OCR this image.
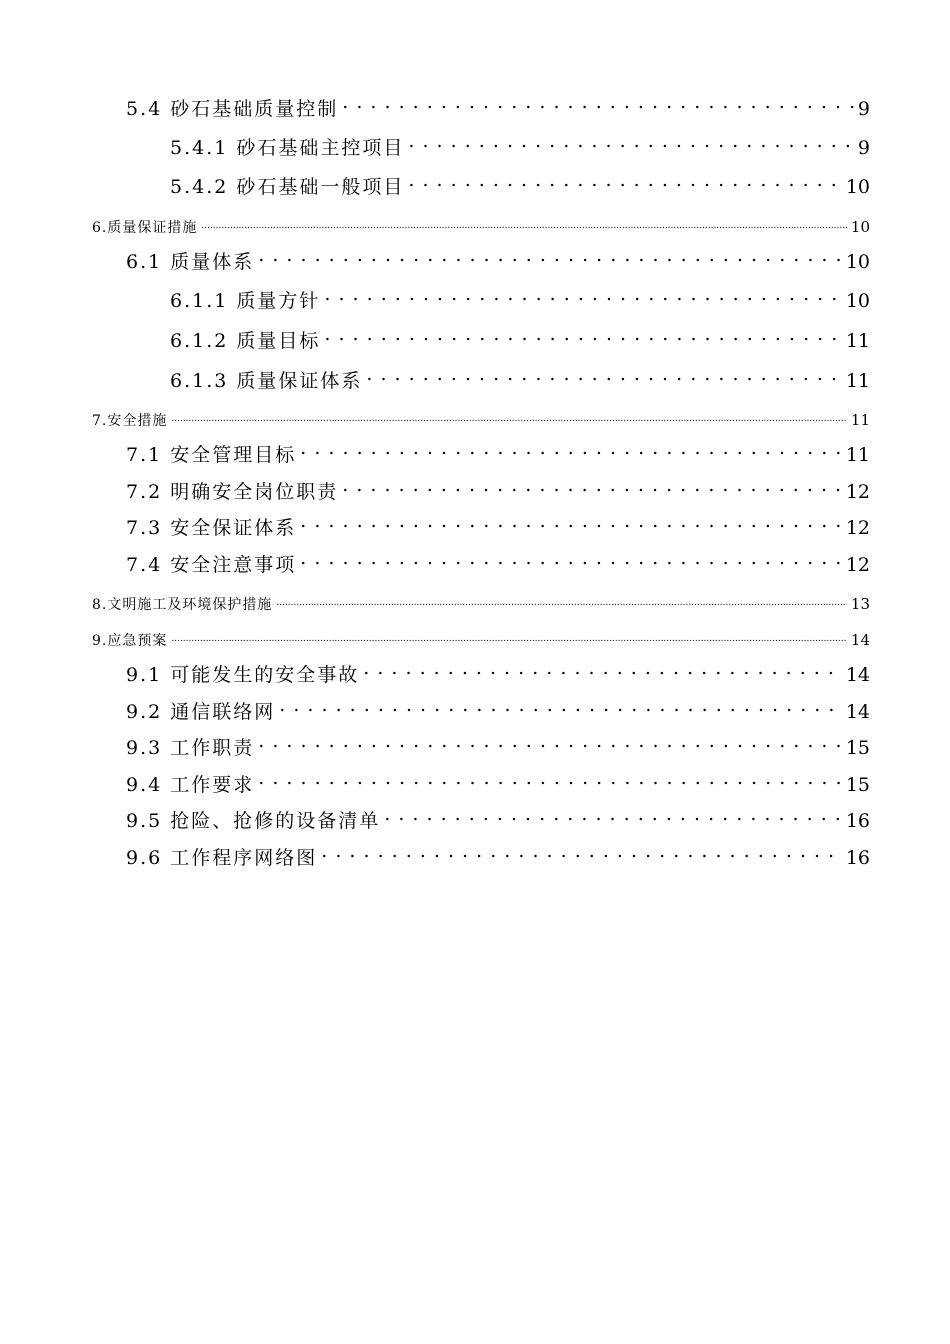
5.4 砂石基础质量控制 . . .	9
5.4.1 砂石基础主控项目 . . .	9
5.4.2 砂石基础一般项目 . . .	10
6.质量保证措施 .....	10
6.1 质量体系 . . .	10
6.1.1 质量方针 . . .	10
6.1.2 质量目标 . . .	11
6.1.3 质量保证体系 . . .	11
7.安全措施 .....	11
7.1 安全管理目标 . . .	11
7.2 明确安全岗位职责 . . .	12
7.3 安全保证体系 . . .	12
7.4 安全注意事项 . . .	12
8.文明施工及环境保护措施 .....	13
9.应急预案 .....	14
9.1 可能发生的安全事故 . . .	14
9.2 通信联络网 . . .	14
9.3 工作职责 . . .	15
9.4 工作要求 . . .	15
9.5 抢险、抢修的设备清单 . . .	16
9.6 工作程序网络图 . . .	16
